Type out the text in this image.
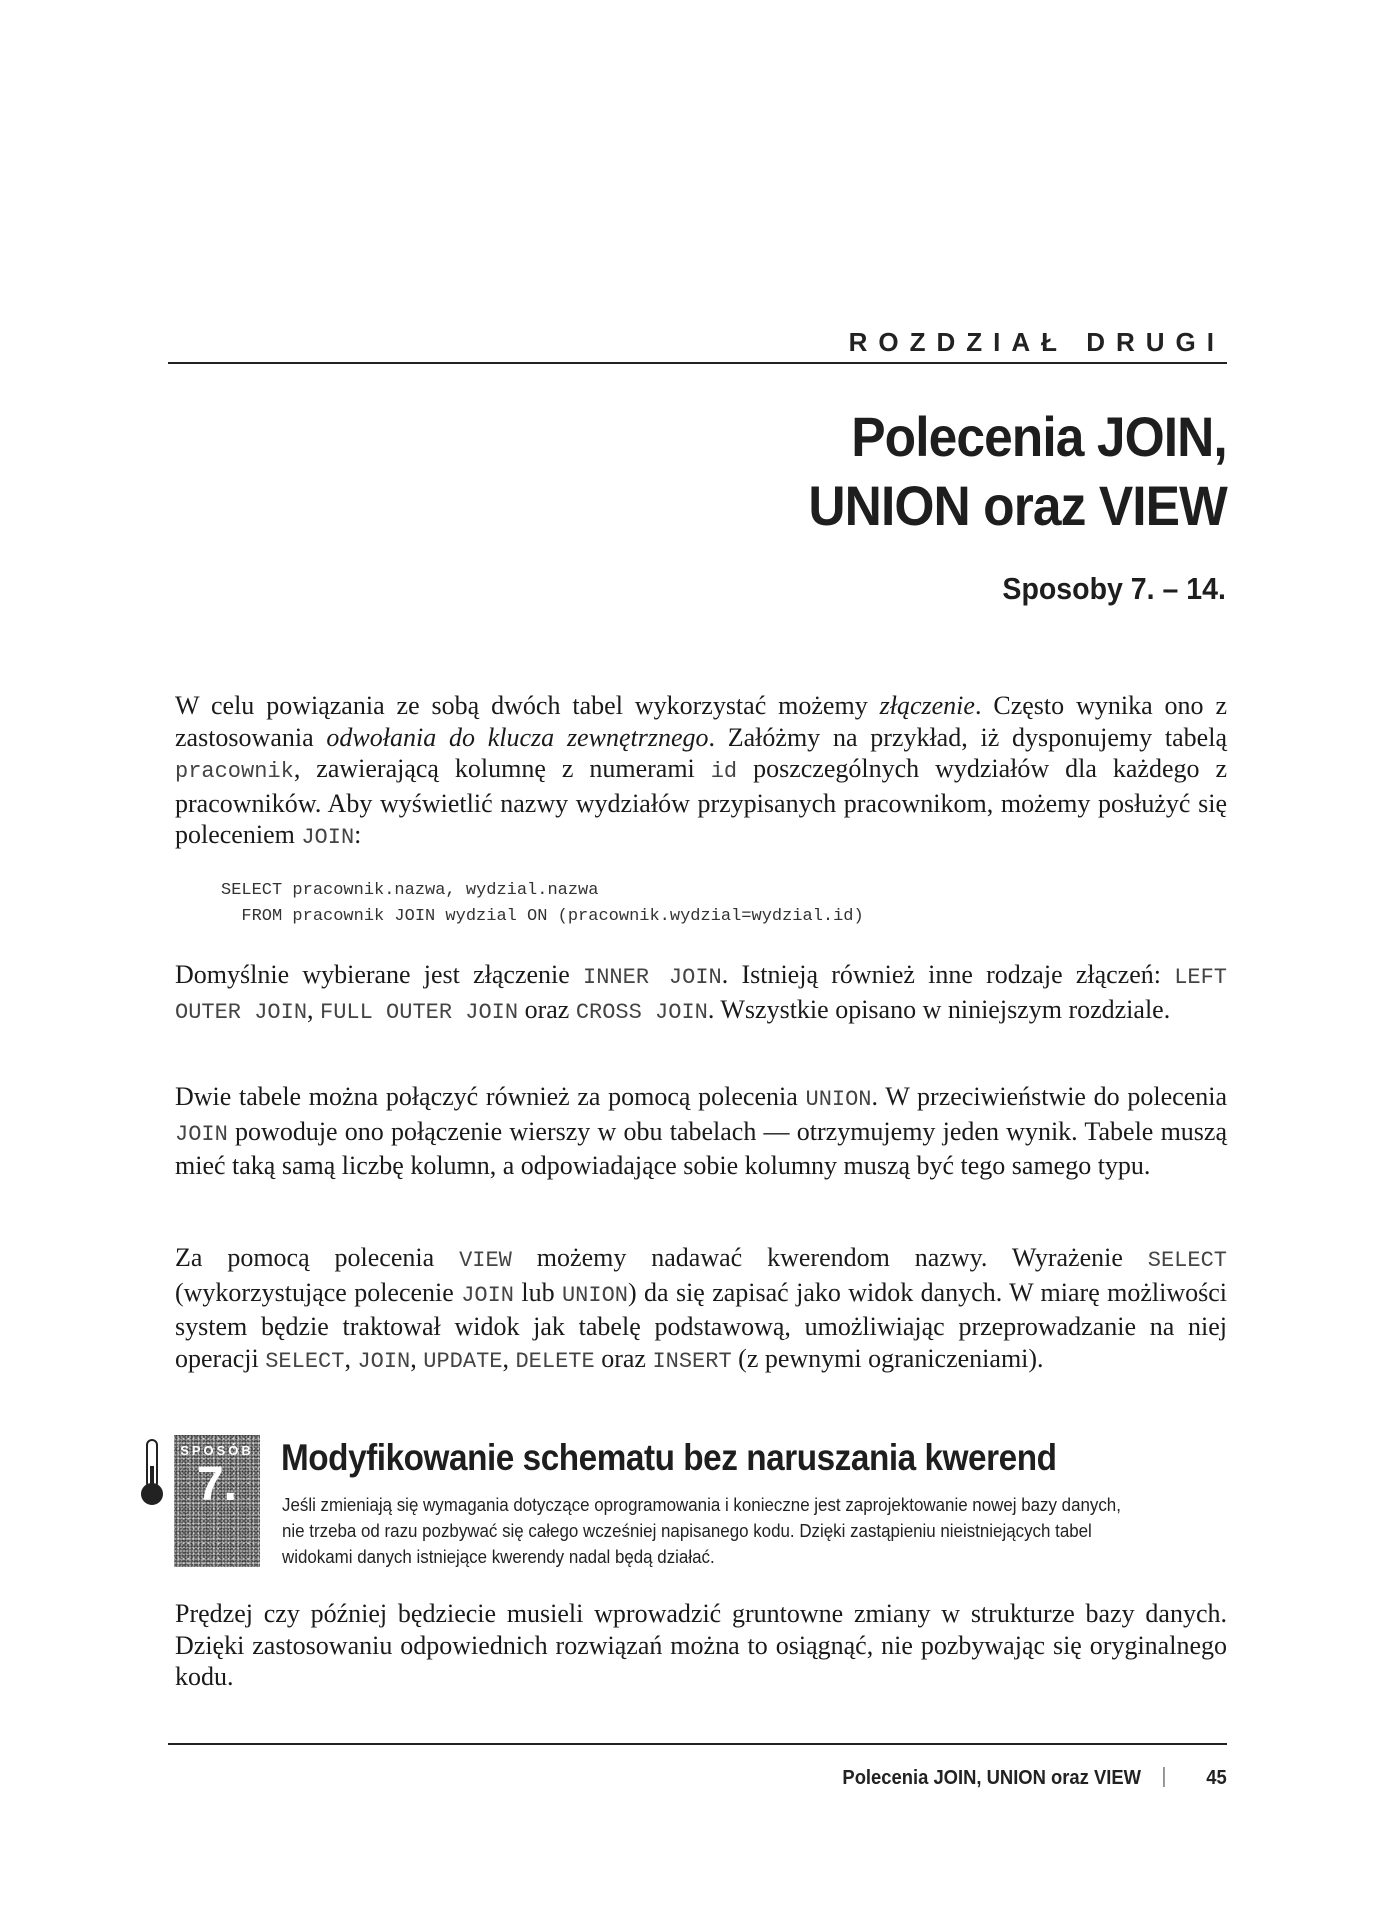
ROZDZIAŁ DRUGI
Polecenia JOIN,
UNION oraz VIEW
Sposoby 7. – 14.

W celu powiązania ze sobą dwóch tabel wykorzystać możemy złączenie. Często wynika ono z zastosowania odwołania do klucza zewnętrznego. Załóżmy na przykład, iż dysponujemy tabelą pracownik, zawierającą kolumnę z numerami id poszczególnych wydziałów dla każdego z pracowników. Aby wyświetlić nazwy wydziałów przypisanych pracownikom, możemy posłużyć się poleceniem JOIN:

SELECT pracownik.nazwa, wydzial.nazwa
FROM pracownik JOIN wydzial ON (pracownik.wydzial=wydzial.id)

Domyślnie wybierane jest złączenie INNER JOIN. Istnieją również inne rodzaje złączeń: LEFT OUTER JOIN, FULL OUTER JOIN oraz CROSS JOIN. Wszystkie opisano w niniejszym rozdziale.

Dwie tabele można połączyć również za pomocą polecenia UNION. W przeciwieństwie do polecenia JOIN powoduje ono połączenie wierszy w obu tabelach — otrzymujemy jeden wynik. Tabele muszą mieć taką samą liczbę kolumn, a odpowiadające sobie kolumny muszą być tego samego typu.

Za pomocą polecenia VIEW możemy nadawać kwerendom nazwy. Wyrażenie SELECT (wykorzystujące polecenie JOIN lub UNION) da się zapisać jako widok danych. W miarę możliwości system będzie traktował widok jak tabelę podstawową, umożliwiając przeprowadzanie na niej operacji SELECT, JOIN, UPDATE, DELETE oraz INSERT (z pewnymi ograniczeniami).

SPOSÓB
7.
Modyfikowanie schematu bez naruszania kwerend

Jeśli zmieniają się wymagania dotyczące oprogramowania i konieczne jest zaprojektowanie nowej bazy danych, nie trzeba od razu pozbywać się całego wcześniej napisanego kodu. Dzięki zastąpieniu nieistniejących tabel widokami danych istniejące kwerendy nadal będą działać.

Prędzej czy później będziecie musieli wprowadzić gruntowne zmiany w strukturze bazy danych. Dzięki zastosowaniu odpowiednich rozwiązań można to osiągnąć, nie pozbywając się oryginalnego kodu.

Polecenia JOIN, UNION oraz VIEW	45
